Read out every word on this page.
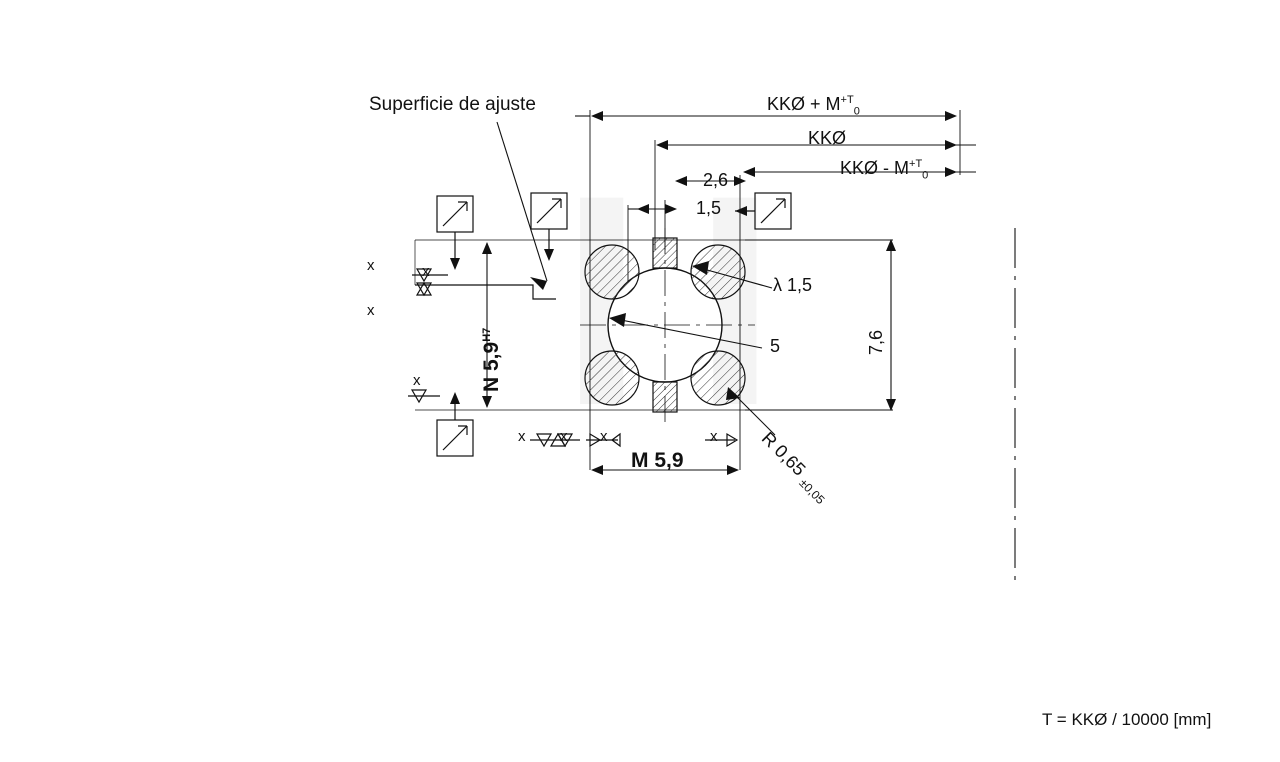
Superficie de ajuste	KKØ + $M^{+T}_0$
KKØ
KKØ - $M^{+T}_0$
2,6
1,5
7,6
N $5,9^{H7}$
M 5,9
λ 1,5
5
R 0,65 $_{\pm 0,05}$
x	x
x
x
x x x	x
T = KKØ / 10000 [mm]
